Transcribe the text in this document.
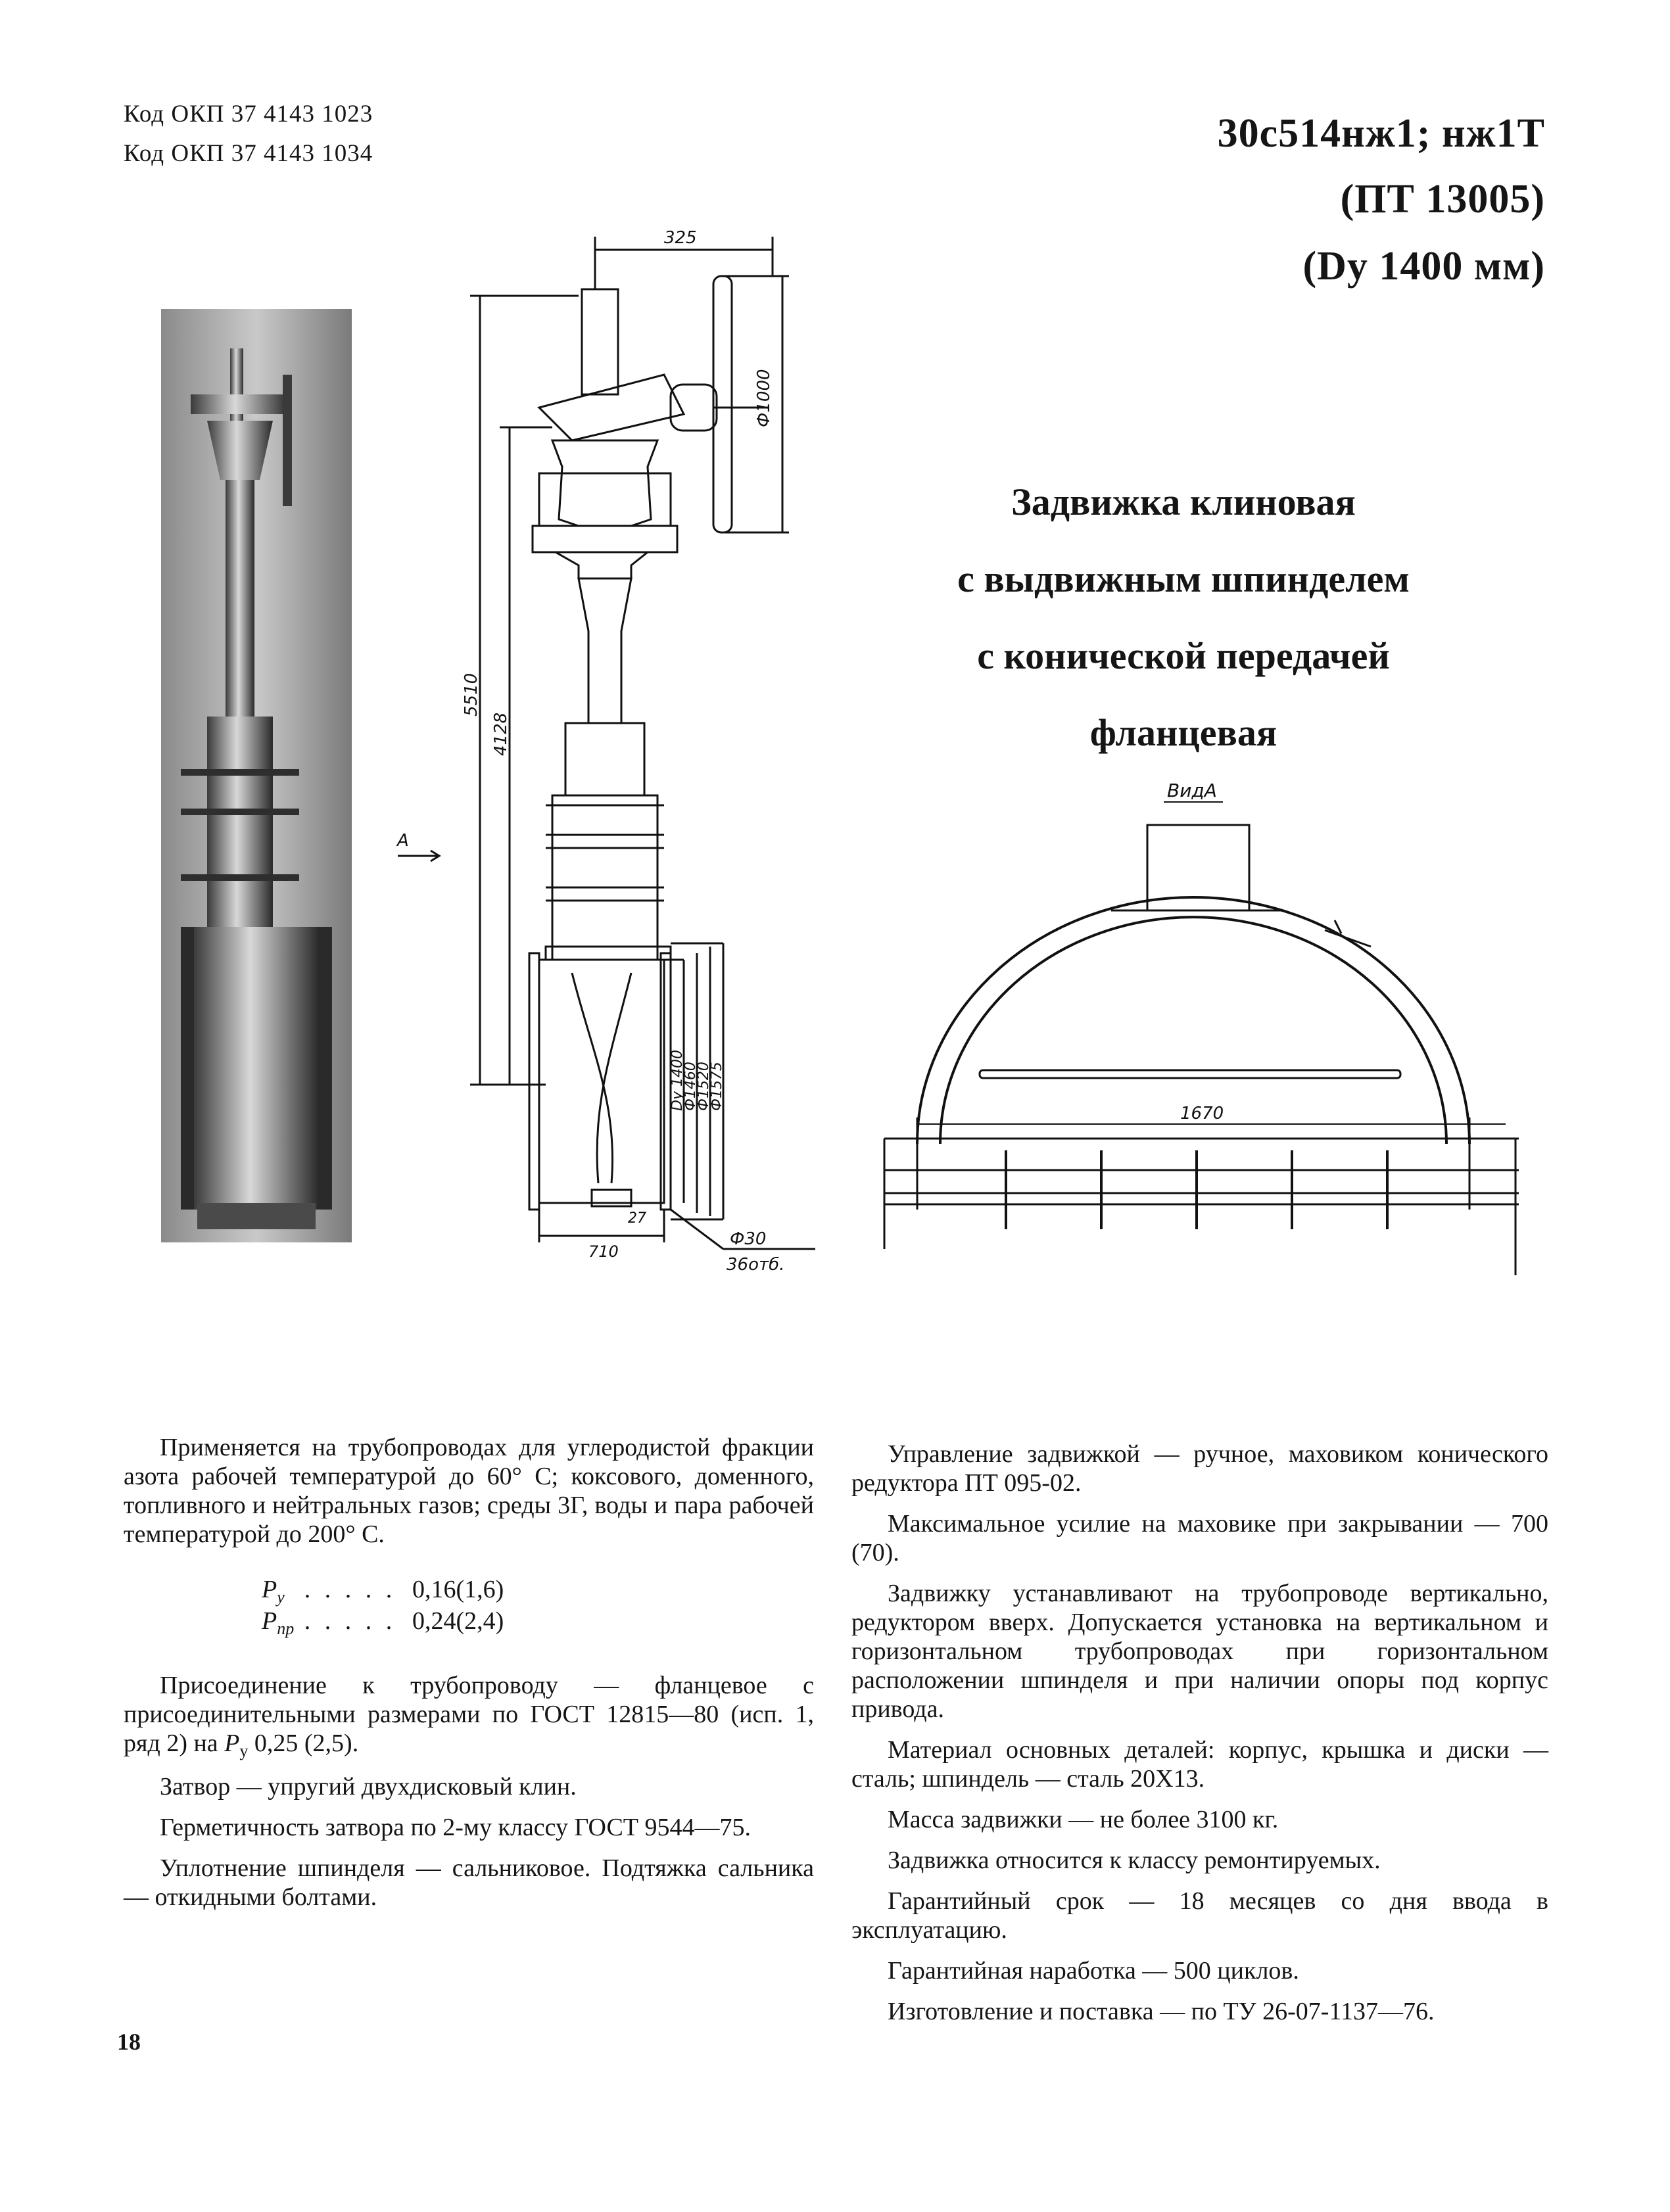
Код ОКП 37 4143 1023
Код ОКП 37 4143 1034	30с514нж1; нж1Т
(ПТ 13005)
(Dy 1400 мм)
Задвижка клиновая
с выдвижным шпинделем
с конической передачей
фланцевая
325
Ф1000
А
5510
4128
Dy 1400
Ф1460
Ф1520
Ф1575
710
27
Ф30
36отб.
ВидА
1670

Применяется на трубопроводах для углеродистой фракции азота рабочей температурой до 60° С; коксового, доменного, топливного и нейтральных газов; среды 3Г, воды и пара рабочей температурой до 200° С.

$P_у$ . . . . . 0,16(1,6)
$P_{пр}$ . . . . . 0,24(2,4)

Присоединение к трубопроводу — фланцевое с присоединительными размерами по ГОСТ 12815—80 (исп. 1, ряд 2) на $P_у$ 0,25 (2,5).

Затвор — упругий двухдисковый клин.

Герметичность затвора по 2-му классу ГОСТ 9544—75.

Уплотнение шпинделя — сальниковое. Подтяжка сальника — откидными болтами.

Управление задвижкой — ручное, маховиком конического редуктора ПТ 095-02.

Максимальное усилие на маховике при закрывании — 700 (70).

Задвижку устанавливают на трубопроводе вертикально, редуктором вверх. Допускается установка на вертикальном и горизонтальном трубопроводах при горизонтальном расположении шпинделя и при наличии опоры под корпус привода.

Материал основных деталей: корпус, крышка и диски — сталь; шпиндель — сталь 20Х13.

Масса задвижки — не более 3100 кг.

Задвижка относится к классу ремонтируемых.

Гарантийный срок — 18 месяцев со дня ввода в эксплуатацию.

Гарантийная наработка — 500 циклов.

Изготовление и поставка — по ТУ 26-07-1137—76.

18
